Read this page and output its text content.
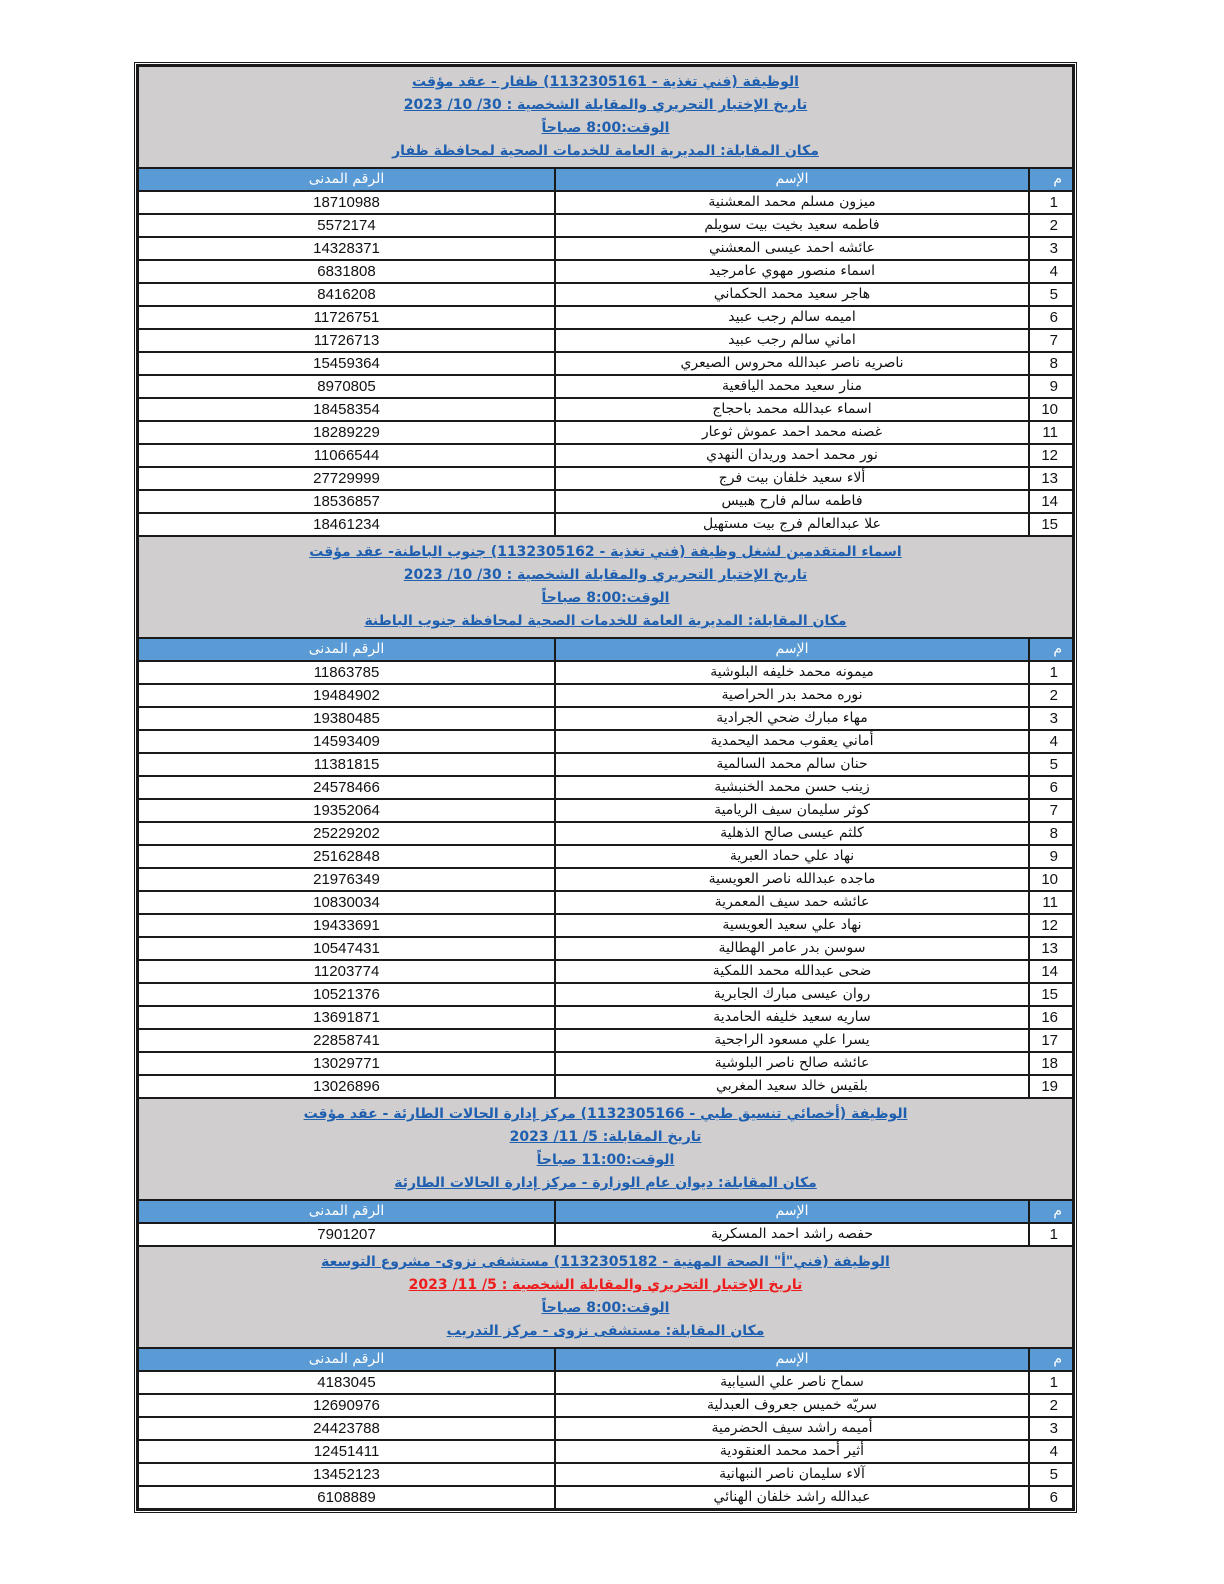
الوظيفة (فني تغذية - 1132305161) ظفار - عقد مؤقت
تاريخ الإختبار التحريري والمقابلة الشخصية : 30/ 10/ 2023
الوقت:8:00 صباحاً
مكان المقابلة: المديرية العامة للخدمات الصحية لمحافظة ظفار		

م	الإسم	الرقم المدنى
1	ميزون مسلم محمد المعشنية	18710988
2	فاطمه سعيد بخيت بيت سويلم	5572174
3	عائشه احمد عيسى المعشني	14328371
4	اسماء منصور مهوي عامرجيد	6831808
5	هاجر سعيد محمد الحكماني	8416208
6	اميمه سالم رجب عبيد	11726751
7	اماني سالم رجب عبيد	11726713
8	ناصريه ناصر عبدالله محروس الصيعري	15459364
9	منار سعيد محمد اليافعية	8970805
10	اسماء عبدالله محمد باحجاج	18458354
11	غصنه محمد احمد عموش ثوعار	18289229
12	نور محمد احمد وريدان النهدي	11066544
13	ألاء سعيد خلفان بيت فرج	27729999
14	فاطمه سالم فارح هبيس	18536857
15	علا عبدالعالم فرج بيت مستهيل	18461234

اسماء المتقدمين لشغل وظيفة (فني تغذية - 1132305162) جنوب الباطنة- عقد مؤقت
تاريخ الإختبار التحريري والمقابلة الشخصية : 30/ 10/ 2023
الوقت:8:00 صباحاً
مكان المقابلة: المديرية العامة للخدمات الصحية لمحافظة جنوب الباطنة		

م	الإسم	الرقم المدنى
1	ميمونه محمد خليفه البلوشية	11863785
2	نوره محمد بدر الحراصية	19484902
3	مهاء مبارك ضحي الجرادية	19380485
4	أماني يعقوب محمد اليحمدية	14593409
5	حنان سالم محمد السالمية	11381815
6	زينب حسن محمد الخنبشية	24578466
7	كوثر سليمان سيف الريامية	19352064
8	كلثم عيسى صالح الذهلية	25229202
9	نهاد علي حماد العبرية	25162848
10	ماجده عبدالله ناصر العويسية	21976349
11	عائشه حمد سيف المعمرية	10830034
12	نهاد علي سعيد العويسية	19433691
13	سوسن بدر عامر الهطالية	10547431
14	ضحى عبدالله محمد اللمكية	11203774
15	روان عيسى مبارك الجابرية	10521376
16	ساريه سعيد خليفه الحامدية	13691871
17	يسرا علي مسعود الراجحية	22858741
18	عائشه صالح ناصر البلوشية	13029771
19	بلقيس خالد سعيد المغربي	13026896

الوظيفة (أخصائي تنسيق طبي - 1132305166) مركز إدارة الحالات الطارئة - عقد مؤقت
تاريخ المقابلة: 5/ 11/ 2023
الوقت:11:00 صباحاً
مكان المقابلة: ديوان عام الوزارة - مركز إدارة الحالات الطارئة		

م	الإسم	الرقم المدنى
1	حفصه راشد احمد المسكرية	7901207

الوظيفة (فني"أ" الصحة المهنية - 1132305182) مستشفى نزوى- مشروع التوسعة
تاريخ الإختبار التحريري والمقابلة الشخصية : 5/ 11/ 2023
الوقت:8:00 صباحاً
مكان المقابلة: مستشفى نزوى - مركز التدريب		

م	الإسم	الرقم المدنى
1	سماح ناصر علي السيابية	4183045
2	سريّه خميس جعروف العبدلية	12690976
3	أميمه راشد سيف الحضرمية	24423788
4	أثير أحمد محمد العنقودية	12451411
5	آلاء سليمان ناصر النبهانية	13452123
6	عبدالله راشد خلفان الهنائي	6108889
